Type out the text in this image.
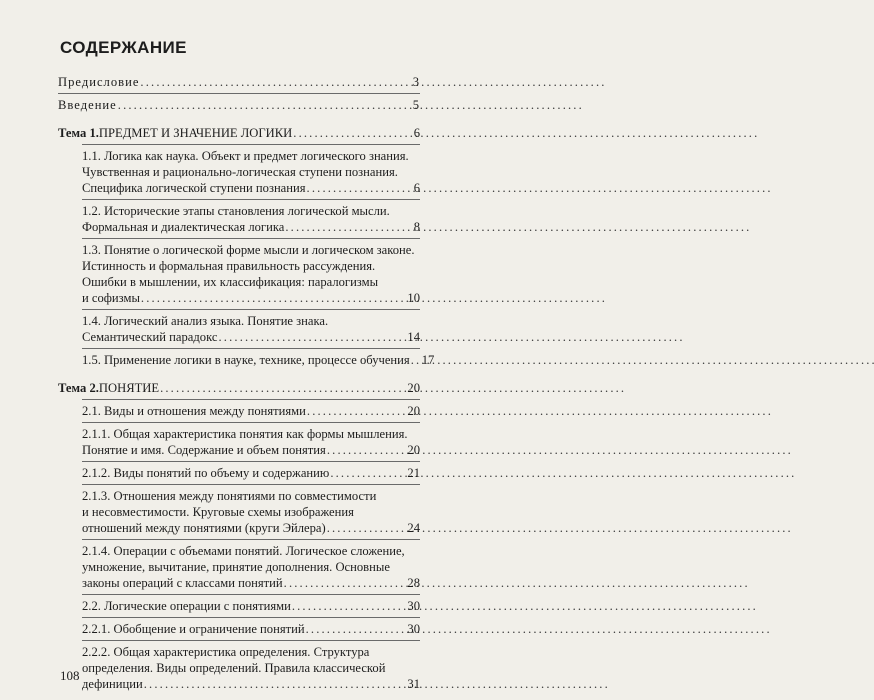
СОДЕРЖАНИЕ
Предисловие . . .	3
Введение . . .	5
Тема 1. ПРЕДМЕТ И ЗНАЧЕНИЕ ЛОГИКИ . . .	6
1.1. Логика как наука. Объект и предмет логического знания.
Чувственная и рационально-логическая ступени познания.
Специфика логической ступени познания . . .	6
1.2. Исторические этапы становления логической мысли.
Формальная и диалектическая логика . . .	8
1.3. Понятие о логической форме мысли и логическом законе.
Истинность и формальная правильность рассуждения.
Ошибки в мышлении, их классификация: паралогизмы
и софизмы . . .	10
1.4. Логический анализ языка. Понятие знака.
Семантический парадокс . . .	14
1.5. Применение логики в науке, технике, процессе обучения . . . 17
Тема 2. ПОНЯТИЕ . . .	20
2.1. Виды и отношения между понятиями . . .	20
2.1.1. Общая характеристика понятия как формы мышления.
Понятие и имя. Содержание и объем понятия . . .	20
2.1.2. Виды понятий по объему и содержанию . . .	21
2.1.3. Отношения между понятиями по совместимости
и несовместимости. Круговые схемы изображения
отношений между понятиями (круги Эйлера) . . .	24
2.1.4. Операции с объемами понятий. Логическое сложение,
умножение, вычитание, принятие дополнения. Основные
законы операций с классами понятий . . .	28
2.2. Логические операции с понятиями . . .	30
2.2.1. Обобщение и ограничение понятий . . .	30
2.2.2. Общая характеристика определения. Структура
определения. Виды определений. Правила классической
дефиниции . . .	31
108
